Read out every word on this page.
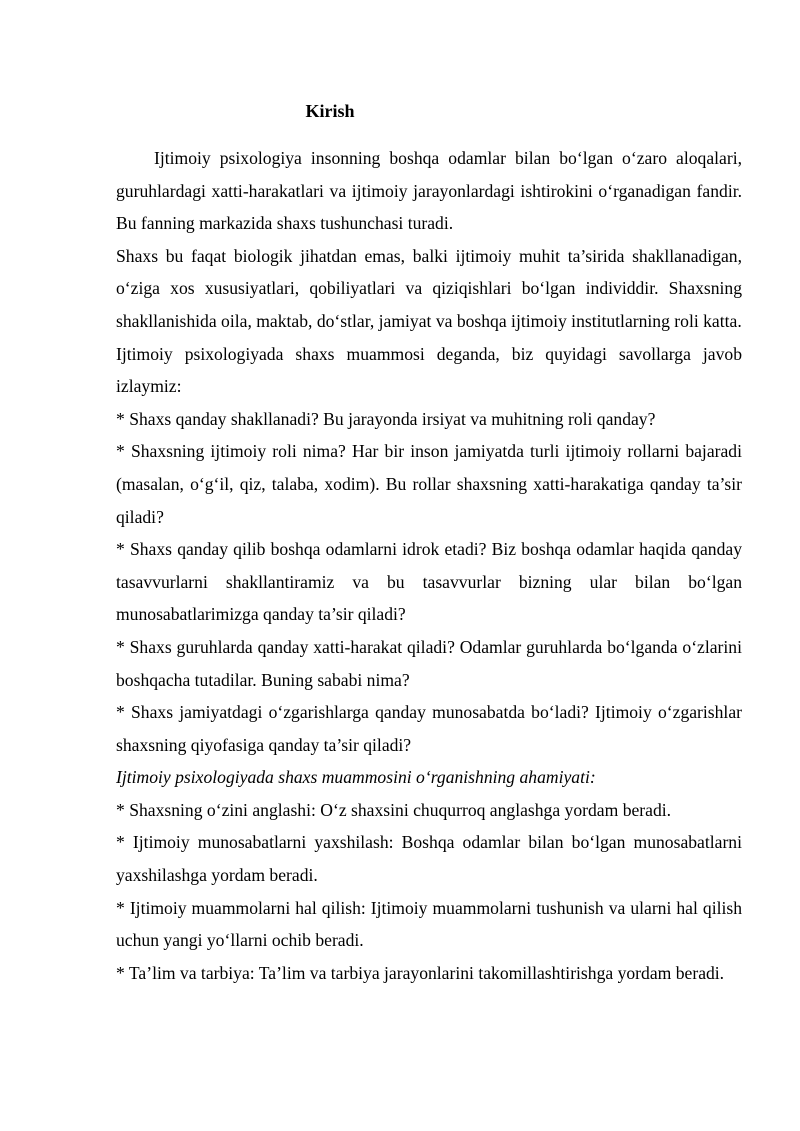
Kirish

Ijtimoiy psixologiya insonning boshqa odamlar bilan bo‘lgan o‘zaro aloqalari, guruhlardagi xatti-harakatlari va ijtimoiy jarayonlardagi ishtirokini o‘rganadigan fandir. Bu fanning markazida shaxs tushunchasi turadi.

Shaxs bu faqat biologik jihatdan emas, balki ijtimoiy muhit ta’sirida shakllanadigan, o‘ziga xos xususiyatlari, qobiliyatlari va qiziqishlari bo‘lgan individdir. Shaxsning shakllanishida oila, maktab, do‘stlar, jamiyat va boshqa ijtimoiy institutlarning roli katta.

Ijtimoiy psixologiyada shaxs muammosi deganda, biz quyidagi savollarga javob izlaymiz:

* Shaxs qanday shakllanadi? Bu jarayonda irsiyat va muhitning roli qanday?

* Shaxsning ijtimoiy roli nima? Har bir inson jamiyatda turli ijtimoiy rollarni bajaradi (masalan, o‘g‘il, qiz, talaba, xodim). Bu rollar shaxsning xatti-harakatiga qanday ta’sir qiladi?

* Shaxs qanday qilib boshqa odamlarni idrok etadi? Biz boshqa odamlar haqida qanday tasavvurlarni shakllantiramiz va bu tasavvurlar bizning ular bilan bo‘lgan munosabatlarimizga qanday ta’sir qiladi?

* Shaxs guruhlarda qanday xatti-harakat qiladi? Odamlar guruhlarda bo‘lganda o‘zlarini boshqacha tutadilar. Buning sababi nima?

* Shaxs jamiyatdagi o‘zgarishlarga qanday munosabatda bo‘ladi? Ijtimoiy o‘zgarishlar shaxsning qiyofasiga qanday ta’sir qiladi?

Ijtimoiy psixologiyada shaxs muammosini o‘rganishning ahamiyati:

* Shaxsning o‘zini anglashi: O‘z shaxsini chuqurroq anglashga yordam beradi.

* Ijtimoiy munosabatlarni yaxshilash: Boshqa odamlar bilan bo‘lgan munosabatlarni yaxshilashga yordam beradi.

* Ijtimoiy muammolarni hal qilish: Ijtimoiy muammolarni tushunish va ularni hal qilish uchun yangi yo‘llarni ochib beradi.

* Ta’lim va tarbiya: Ta’lim va tarbiya jarayonlarini takomillashtirishga yordam beradi.
